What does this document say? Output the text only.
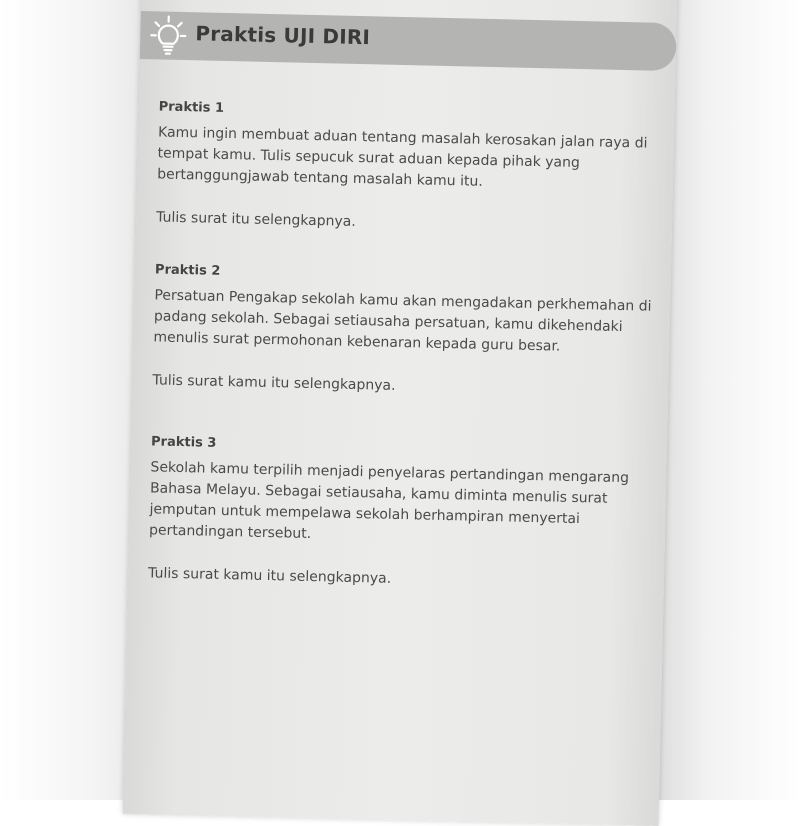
Praktis UJI DIRI
Praktis 1

Kamu ingin membuat aduan tentang masalah kerosakan jalan raya di tempat kamu. Tulis sepucuk surat aduan kepada pihak yang bertanggungjawab tentang masalah kamu itu.

Tulis surat itu selengkapnya.

Praktis 2

Persatuan Pengakap sekolah kamu akan mengadakan perkhemahan di padang sekolah. Sebagai setiausaha persatuan, kamu dikehendaki menulis surat permohonan kebenaran kepada guru besar.

Tulis surat kamu itu selengkapnya.

Praktis 3

Sekolah kamu terpilih menjadi penyelaras pertandingan mengarang Bahasa Melayu. Sebagai setiausaha, kamu diminta menulis surat jemputan untuk mempelawa sekolah berhampiran menyertai pertandingan tersebut.

Tulis surat kamu itu selengkapnya.
